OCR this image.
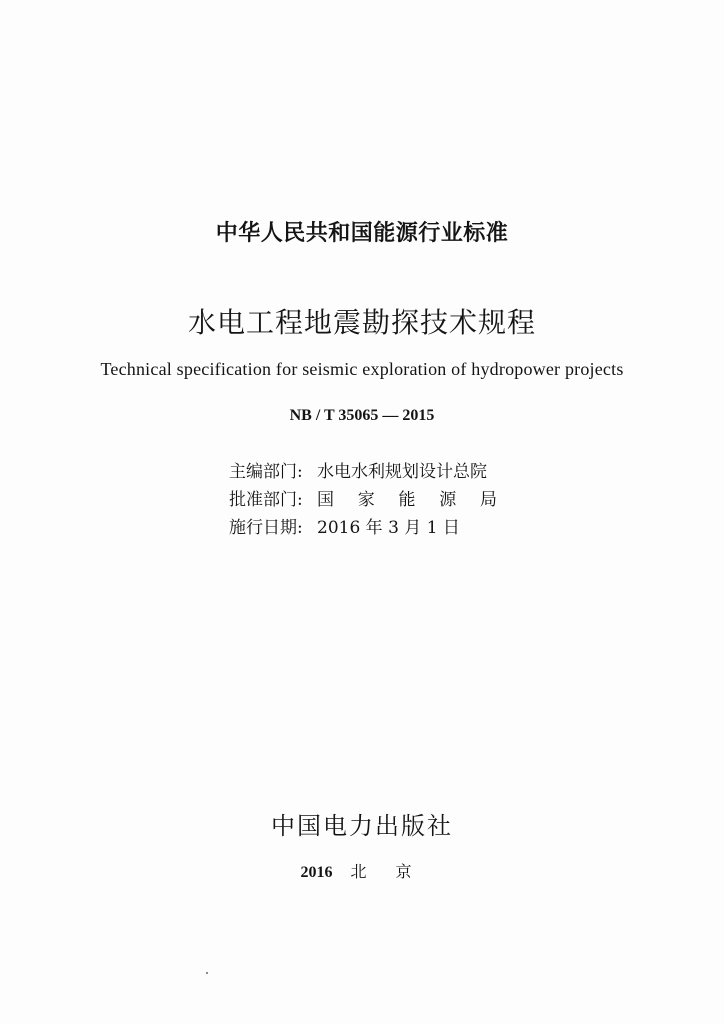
中华人民共和国能源行业标准
水电工程地震勘探技术规程
Technical specification for seismic exploration of hydropower projects
NB / T 35065 — 2015
主编部门: 水电水利规划设计总院
批准部门: 国 家 能 源 局
施行日期: 2016 年 3 月 1 日
中国电力出版社
2016 北 京
